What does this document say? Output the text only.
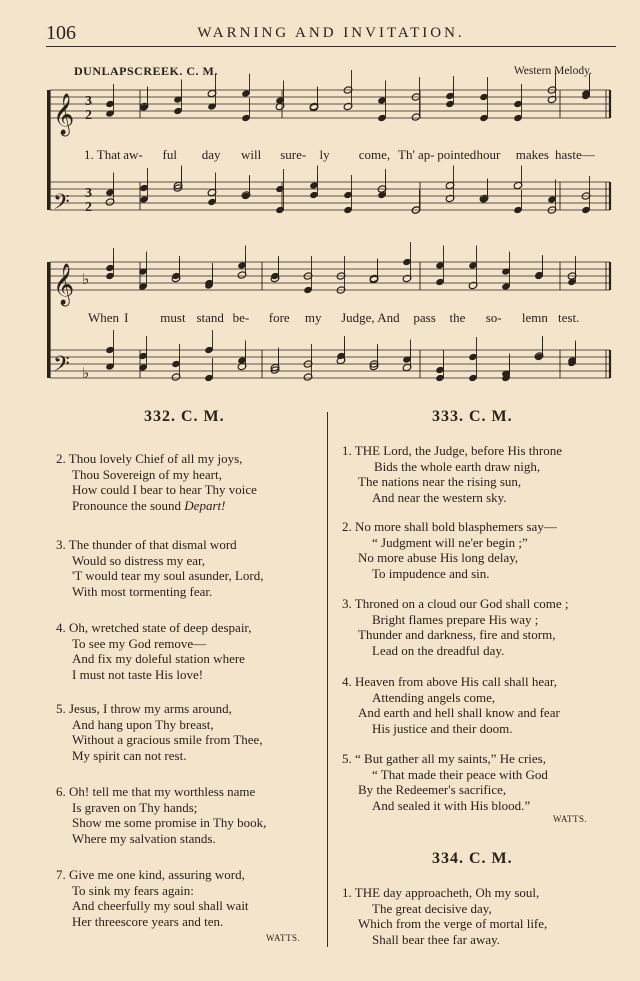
106	WARNING AND INVITATION.
DUNLAPSCREEK. C. M.	Western Melody.
♭
♭
𝄞
𝄢
𝄞
𝄢
3
2
3
2
1. That aw- ful day will sure- ly come, Th' ap- pointed hour makes haste—
When I must stand be- fore my Judge, And pass the so- lemn test.
332. C. M.	333. C. M.
334. C. M.
2. Thou lovely Chief of all my joys,
Thou Sovereign of my heart,
How could I bear to hear Thy voice
Pronounce the sound Depart!
3. The thunder of that dismal word
Would so distress my ear,
'T would tear my soul asunder, Lord,
With most tormenting fear.
4. Oh, wretched state of deep despair,
To see my God remove—
And fix my doleful station where
I must not taste His love!
5. Jesus, I throw my arms around,
And hang upon Thy breast,
Without a gracious smile from Thee,
My spirit can not rest.
6. Oh! tell me that my worthless name
Is graven on Thy hands;
Show me some promise in Thy book,
Where my salvation stands.
7. Give me one kind, assuring word,
To sink my fears again:
And cheerfully my soul shall wait
Her threescore years and ten.
WATTS.
1. THE Lord, the Judge, before His throne
Bids the whole earth draw nigh,
The nations near the rising sun,
And near the western sky.
2. No more shall bold blasphemers say—
“ Judgment will ne'er begin ;”
No more abuse His long delay,
To impudence and sin.
3. Throned on a cloud our God shall come ;
Bright flames prepare His way ;
Thunder and darkness, fire and storm,
Lead on the dreadful day.
4. Heaven from above His call shall hear,
Attending angels come,
And earth and hell shall know and fear
His justice and their doom.
5. “ But gather all my saints,” He cries,
“ That made their peace with God
By the Redeemer's sacrifice,
And sealed it with His blood.”
WATTS.
1. THE day approacheth, Oh my soul,
The great decisive day,
Which from the verge of mortal life,
Shall bear thee far away.
